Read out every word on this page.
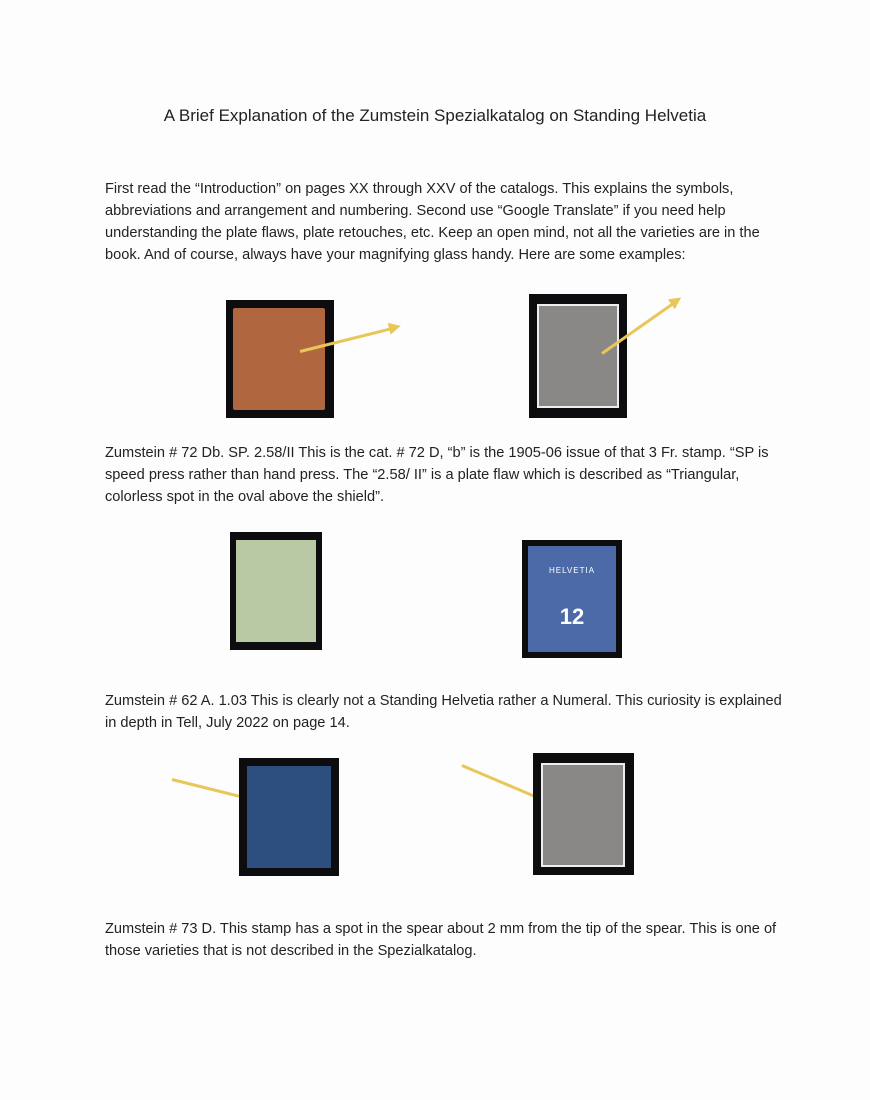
A Brief Explanation of the Zumstein Spezialkatalog on Standing Helvetia
First read the “Introduction” on pages XX through XXV of the catalogs. This explains the symbols, abbreviations and arrangement and numbering. Second use “Google Translate” if you need help understanding the plate flaws, plate retouches, etc. Keep an open mind, not all the varieties are in the book. And of course, always have your magnifying glass handy. Here are some examples:
Zumstein # 72 Db. SP. 2.58/II This is the cat. # 72 D, “b” is the 1905-06 issue of that 3 Fr. stamp. “SP is speed press rather than hand press. The “2.58/ II” is a plate flaw which is described as “Triangular, colorless spot in the oval above the shield”.
HELVETIA
12
Zumstein # 62 A. 1.03 This is clearly not a Standing Helvetia rather a Numeral. This curiosity is explained in depth in Tell, July 2022 on page 14.
Zumstein # 73 D. This stamp has a spot in the spear about 2 mm from the tip of the spear. This is one of those varieties that is not described in the Spezialkatalog.
